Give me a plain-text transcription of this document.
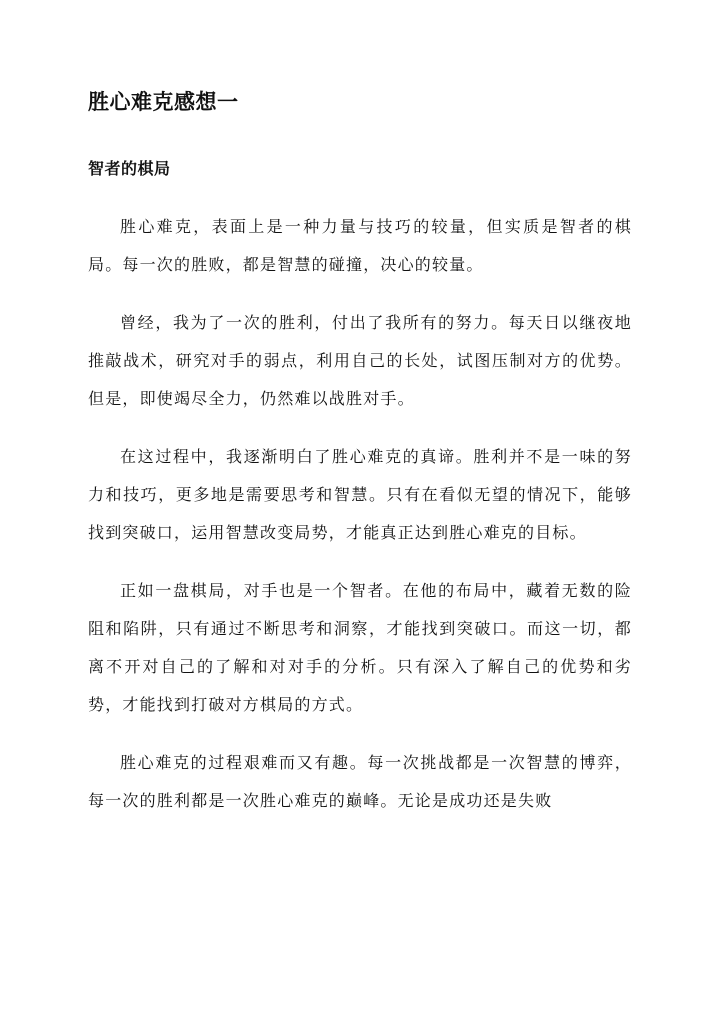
胜心难克感想一
智者的棋局

胜心难克，表面上是一种力量与技巧的较量，但实质是智者的棋局。每一次的胜败，都是智慧的碰撞，决心的较量。

曾经，我为了一次的胜利，付出了我所有的努力。每天日以继夜地推敲战术，研究对手的弱点，利用自己的长处，试图压制对方的优势。但是，即使竭尽全力，仍然难以战胜对手。

在这过程中，我逐渐明白了胜心难克的真谛。胜利并不是一味的努力和技巧，更多地是需要思考和智慧。只有在看似无望的情况下，能够找到突破口，运用智慧改变局势，才能真正达到胜心难克的目标。

正如一盘棋局，对手也是一个智者。在他的布局中，藏着无数的险阻和陷阱，只有通过不断思考和洞察，才能找到突破口。而这一切，都离不开对自己的了解和对对手的分析。只有深入了解自己的优势和劣势，才能找到打破对方棋局的方式。

胜心难克的过程艰难而又有趣。每一次挑战都是一次智慧的博弈，每一次的胜利都是一次胜心难克的巅峰。无论是成功还是失败
